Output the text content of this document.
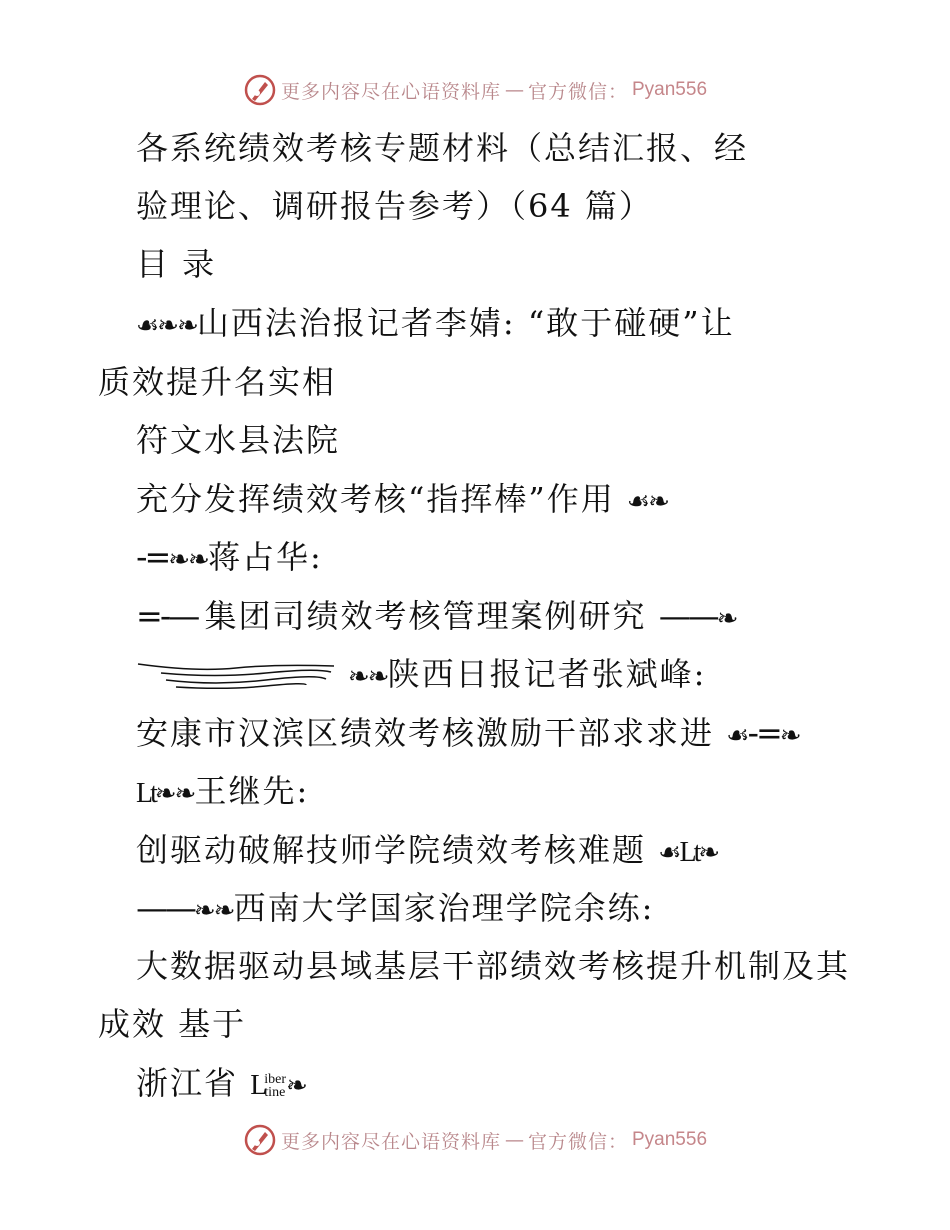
更多内容尽在心语资料库 — 官方微信： Pyan556
各系统绩效考核专题材料（总结汇报、经
验理论、调研报告参考）（64 篇）
目 录
☙❧❧山西法治报记者李婧: “敢于碰硬”让
质效提升名实相
符文水县法院
充分发挥绩效考核“指挥棒”作用 ☙❧
-=❧❧蒋占华:
=-— 集团司绩效考核管理案例研究 ——❧
❧❧陕西日报记者张斌峰:
安康市汉滨区绩效考核激励干部求求进 ☙-=❧
Lt❧❧王继先:
创驱动破解技师学院绩效考核难题 ☙Lt❧
——❧❧西南大学国家治理学院余练:
大数据驱动县域基层干部绩效考核提升机制及其
成效 基于
浙江省 Liber
tine❧
更多内容尽在心语资料库 — 官方微信： Pyan556
